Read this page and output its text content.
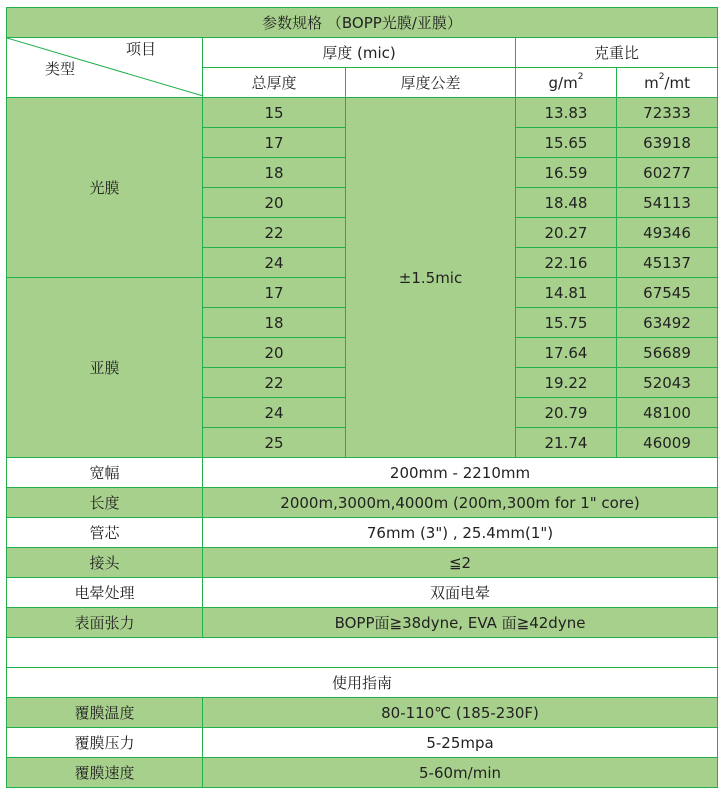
参数规格 （BOPP光膜/亚膜）				

项目
类型	厚度 (mic)		克重比	
	总厚度	厚度公差	$g/m^2$	$m^2/mt$
光膜	15	±1.5mic	13.83	72333
	17		15.65	63918
	18		16.59	60277
	20		18.48	54113
	22		20.27	49346
	24		22.16	45137
亚膜	17		14.81	67545
	18		15.75	63492
	20		17.64	56689
	22		19.22	52043
	24		20.79	48100
	25		21.74	46009
宽幅	200mm - 2210mm			
长度	2000m,3000m,4000m (200m,300m for 1" core)			
管芯	76mm (3") , 25.4mm(1")			
接头	≦2			
电晕处理	双面电晕			
表面张力	BOPP面≧38dyne, EVA 面≧42dyne			

使用指南				
覆膜温度	80-110℃ (185-230F)			
覆膜压力	5-25mpa			
覆膜速度	5-60m/min			
